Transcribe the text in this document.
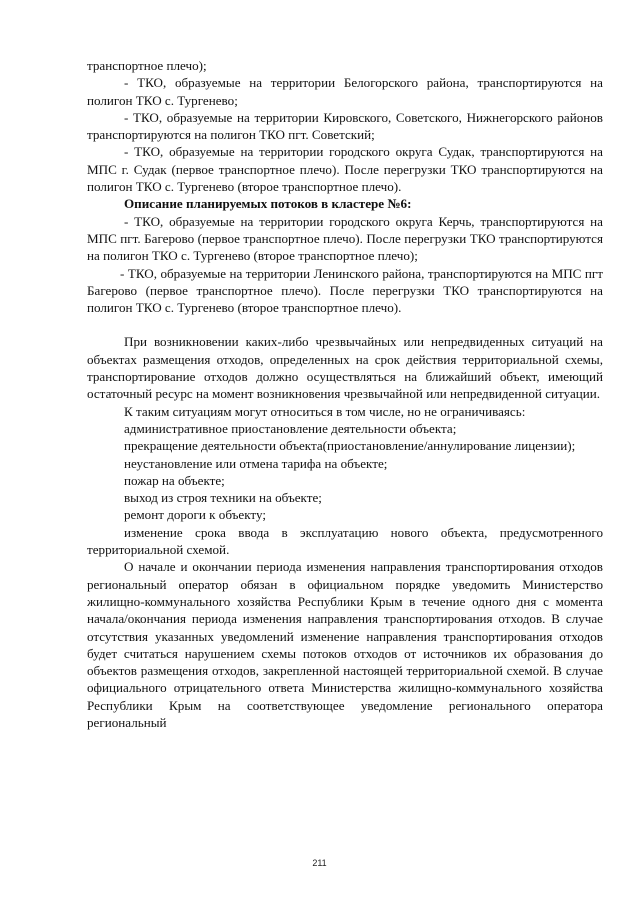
транспортное плечо);

- ТКО, образуемые на территории Белогорского района, транспортируются на полигон ТКО с. Тургенево;

- ТКО, образуемые на территории Кировского, Советского, Нижнегорского районов транспортируются на полигон ТКО пгт. Советский;

- ТКО, образуемые на территории городского округа Судак, транспортируются на МПС г. Судак (первое транспортное плечо). После перегрузки ТКО транспортируются на полигон ТКО с. Тургенево (второе транспортное плечо).

Описание планируемых потоков в кластере №6:

- ТКО, образуемые на территории городского округа Керчь, транспортируются на МПС пгт. Багерово (первое транспортное плечо). После перегрузки ТКО транспортируются на полигон ТКО с. Тургенево (второе транспортное плечо);

- ТКО, образуемые на территории Ленинского района, транспортируются на МПС пгт Багерово (первое транспортное плечо). После перегрузки ТКО транспортируются на полигон ТКО с. Тургенево (второе транспортное плечо).

При возникновении каких-либо чрезвычайных или непредвиденных ситуаций на объектах размещения отходов, определенных на срок действия территориальной схемы, транспортирование отходов должно осуществляться на ближайший объект, имеющий остаточный ресурс на момент возникновения чрезвычайной или непредвиденной ситуации.

К таким ситуациям могут относиться в том числе, но не ограничиваясь:

административное приостановление деятельности объекта;

прекращение деятельности объекта(приостановление/аннулирование лицензии);

неустановление или отмена тарифа на объекте;

пожар на объекте;

выход из строя техники на объекте;

ремонт дороги к объекту;

изменение срока ввода в эксплуатацию нового объекта, предусмотренного территориальной схемой.

О начале и окончании периода изменения направления транспортирования отходов региональный оператор обязан в официальном порядке уведомить Министерство жилищно-коммунального хозяйства Республики Крым в течение одного дня с момента начала/окончания периода изменения направления транспортирования отходов. В случае отсутствия указанных уведомлений изменение направления транспортирования отходов будет считаться нарушением схемы потоков отходов от источников их образования до объектов размещения отходов, закрепленной настоящей территориальной схемой. В случае официального отрицательного ответа Министерства жилищно-коммунального хозяйства Республики Крым на соответствующее уведомление регионального оператора региональный

211
